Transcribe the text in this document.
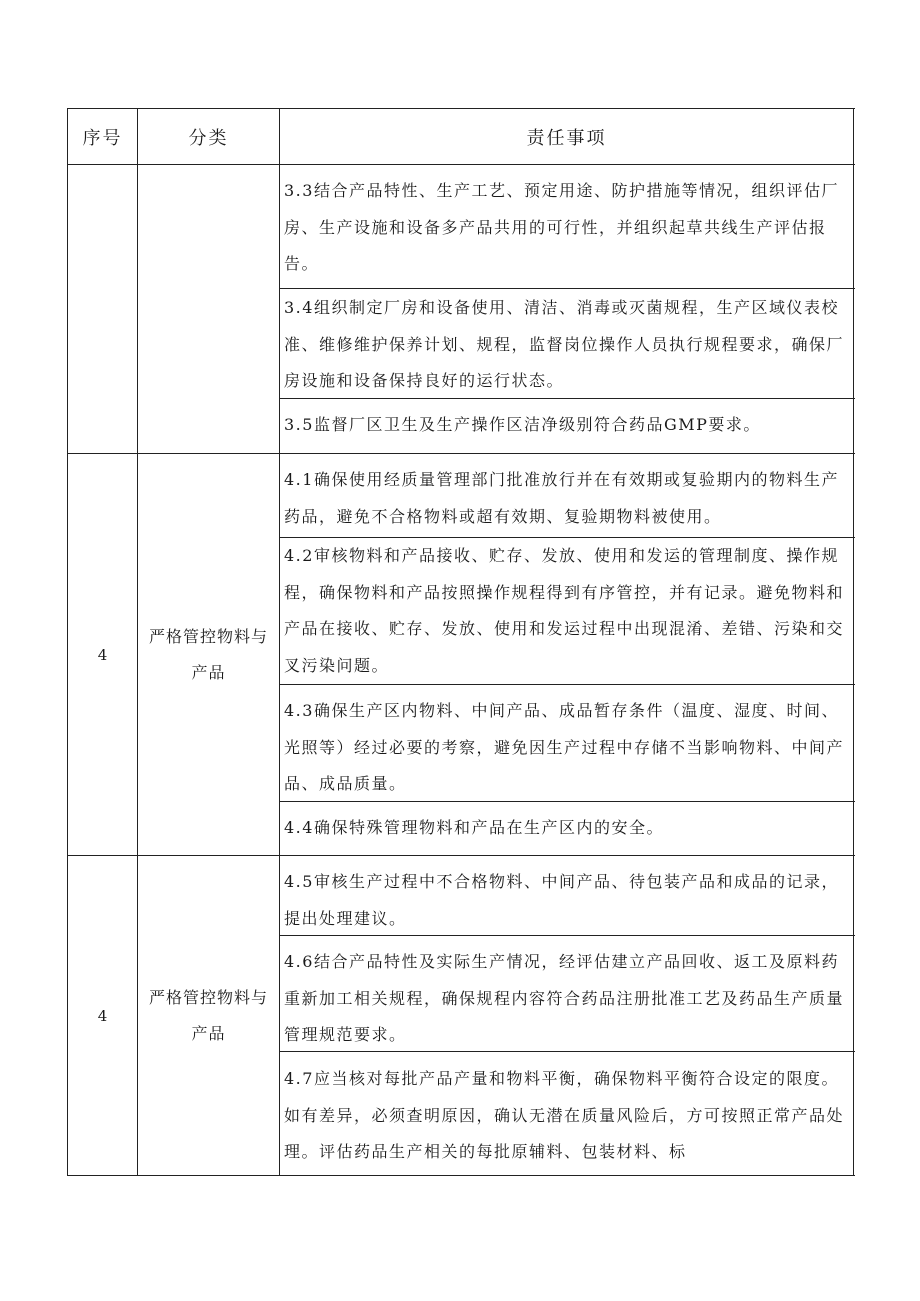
序号	分类	责任事项
4
严格管控物料与产品
4
严格管控物料与产品
3.3结合产品特性、生产工艺、预定用途、防护措施等情况，组织评估厂房、生产设施和设备多产品共用的可行性，并组织起草共线生产评估报告。
3.4组织制定厂房和设备使用、清洁、消毒或灭菌规程，生产区域仪表校准、维修维护保养计划、规程，监督岗位操作人员执行规程要求，确保厂房设施和设备保持良好的运行状态。
3.5监督厂区卫生及生产操作区洁净级别符合药品GMP要求。
4.1确保使用经质量管理部门批准放行并在有效期或复验期内的物料生产药品，避免不合格物料或超有效期、复验期物料被使用。
4.2审核物料和产品接收、贮存、发放、使用和发运的管理制度、操作规程，确保物料和产品按照操作规程得到有序管控，并有记录。避免物料和产品在接收、贮存、发放、使用和发运过程中出现混淆、差错、污染和交叉污染问题。
4.3确保生产区内物料、中间产品、成品暂存条件（温度、湿度、时间、光照等）经过必要的考察，避免因生产过程中存储不当影响物料、中间产品、成品质量。
4.4确保特殊管理物料和产品在生产区内的安全。
4.5审核生产过程中不合格物料、中间产品、待包装产品和成品的记录，提出处理建议。
4.6结合产品特性及实际生产情况，经评估建立产品回收、返工及原料药重新加工相关规程，确保规程内容符合药品注册批准工艺及药品生产质量管理规范要求。
4.7应当核对每批产品产量和物料平衡，确保物料平衡符合设定的限度。如有差异，必须查明原因，确认无潜在质量风险后，方可按照正常产品处理。评估药品生产相关的每批原辅料、包装材料、标
